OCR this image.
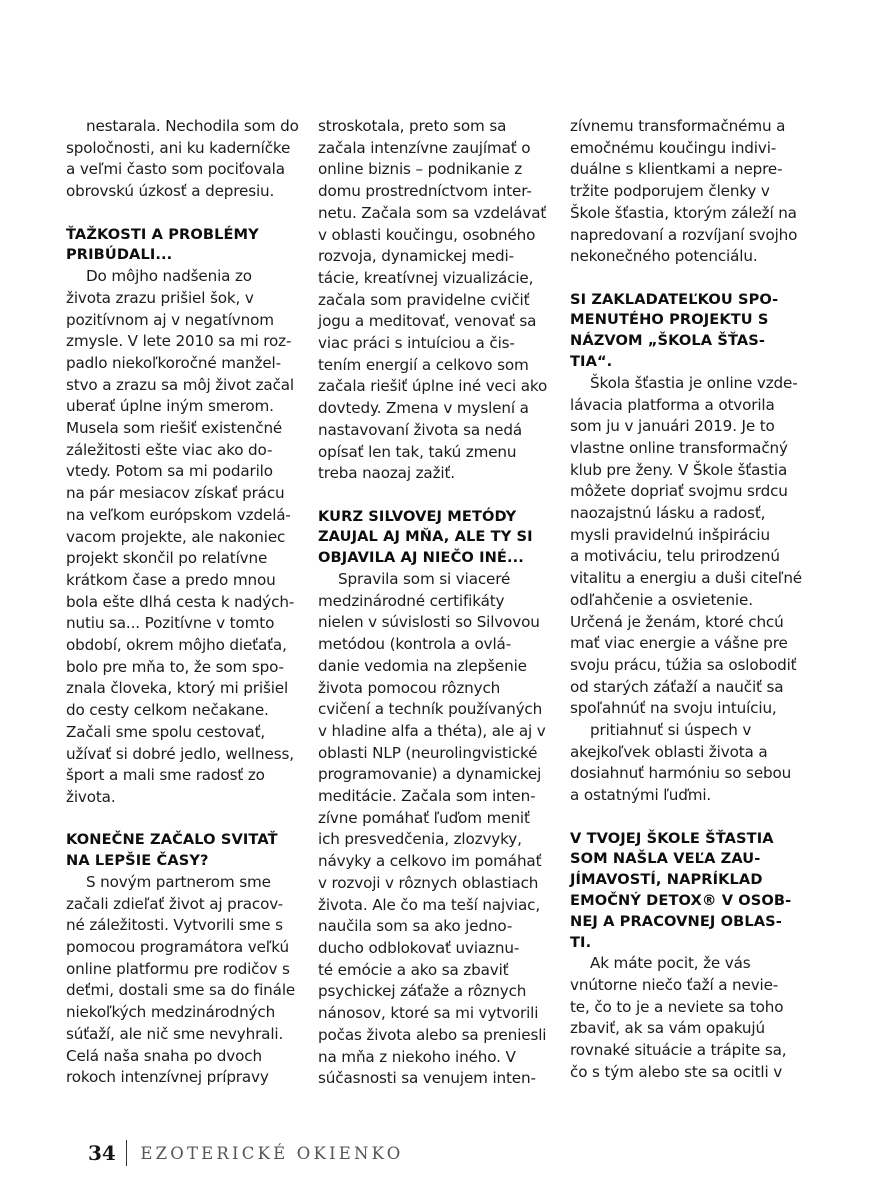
nestarala. Nechodila som do
spoločnosti, ani ku kaderníčke
a veľmi často som pociťovala
obrovskú úzkosť a depresiu.
ŤAŽKOSTI A PROBLÉMY
PRIBÚDALI...
Do môjho nadšenia zo
života zrazu prišiel šok, v
pozitívnom aj v negatívnom
zmysle. V lete 2010 sa mi roz-
padlo niekoľkoročné manžel-
stvo a zrazu sa môj život začal
uberať úplne iným smerom.
Musela som riešiť existenčné
záležitosti ešte viac ako do-
vtedy. Potom sa mi podarilo
na pár mesiacov získať prácu
na veľkom európskom vzdelá-
vacom projekte, ale nakoniec
projekt skončil po relatívne
krátkom čase a predo mnou
bola ešte dlhá cesta k nadých-
nutiu sa... Pozitívne v tomto
období, okrem môjho dieťaťa,
bolo pre mňa to, že som spo-
znala človeka, ktorý mi prišiel
do cesty celkom nečakane.
Začali sme spolu cestovať,
užívať si dobré jedlo, wellness,
šport a mali sme radosť zo
života.
KONEČNE ZAČALO SVITAŤ
NA LEPŠIE ČASY?
S novým partnerom sme
začali zdieľať život aj pracov-
né záležitosti. Vytvorili sme s
pomocou programátora veľkú
online platformu pre rodičov s
deťmi, dostali sme sa do finále
niekoľkých medzinárodných
súťaží, ale nič sme nevyhrali.
Celá naša snaha po dvoch
rokoch intenzívnej prípravy
stroskotala, preto som sa
začala intenzívne zaujímať o
online biznis – podnikanie z
domu prostredníctvom inter-
netu. Začala som sa vzdelávať
v oblasti koučingu, osobného
rozvoja, dynamickej medi-
tácie, kreatívnej vizualizácie,
začala som pravidelne cvičiť
jogu a meditovať, venovať sa
viac práci s intuíciou a čis-
tením energií a celkovo som
začala riešiť úplne iné veci ako
dovtedy. Zmena v myslení a
nastavovaní života sa nedá
opísať len tak, takú zmenu
treba naozaj zažiť.
KURZ SILVOVEJ METÓDY
ZAUJAL AJ MŇA, ALE TY SI
OBJAVILA AJ NIEČO INÉ...
Spravila som si viaceré
medzinárodné certifikáty
nielen v súvislosti so Silvovou
metódou (kontrola a ovlá-
danie vedomia na zlepšenie
života pomocou rôznych
cvičení a techník používaných
v hladine alfa a théta), ale aj v
oblasti NLP (neurolingvistické
programovanie) a dynamickej
meditácie. Začala som inten-
zívne pomáhať ľuďom meniť
ich presvedčenia, zlozvyky,
návyky a celkovo im pomáhať
v rozvoji v rôznych oblastiach
života. Ale čo ma teší najviac,
naučila som sa ako jedno-
ducho odblokovať uviaznu-
té emócie a ako sa zbaviť
psychickej záťaže a rôznych
nánosov, ktoré sa mi vytvorili
počas života alebo sa preniesli
na mňa z niekoho iného. V
súčasnosti sa venujem inten-
zívnemu transformačnému a
emočnému koučingu indivi-
duálne s klientkami a nepre-
tržite podporujem členky v
Škole šťastia, ktorým záleží na
napredovaní a rozvíjaní svojho
nekonečného potenciálu.
SI ZAKLADATEĽKOU SPO-
MENUTÉHO PROJEKTU S
NÁZVOM „ŠKOLA ŠŤAS-
TIA“.
Škola šťastia je online vzde-
lávacia platforma a otvorila
som ju v januári 2019. Je to
vlastne online transformačný
klub pre ženy. V Škole šťastia
môžete dopriať svojmu srdcu
naozajstnú lásku a radosť,
mysli pravidelnú inšpiráciu
a motiváciu, telu prirodzenú
vitalitu a energiu a duši citeľné
odľahčenie a osvietenie.
Určená je ženám, ktoré chcú
mať viac energie a vášne pre
svoju prácu, túžia sa oslobodiť
od starých záťaží a naučiť sa
spoľahnúť na svoju intuíciu,
pritiahnuť si úspech v
akejkoľvek oblasti života a
dosiahnuť harmóniu so sebou
a ostatnými ľuďmi.
V TVOJEJ ŠKOLE ŠŤASTIA
SOM NAŠLA VEĽA ZAU-
JÍMAVOSTÍ, NAPRÍKLAD
EMOČNÝ DETOX® V OSOB-
NEJ A PRACOVNEJ OBLAS-
TI.
Ak máte pocit, že vás
vnútorne niečo ťaží a nevie-
te, čo to je a neviete sa toho
zbaviť, ak sa vám opakujú
rovnaké situácie a trápite sa,
čo s tým alebo ste sa ocitli v
34 EZOTERICKÉ OKIENKO
